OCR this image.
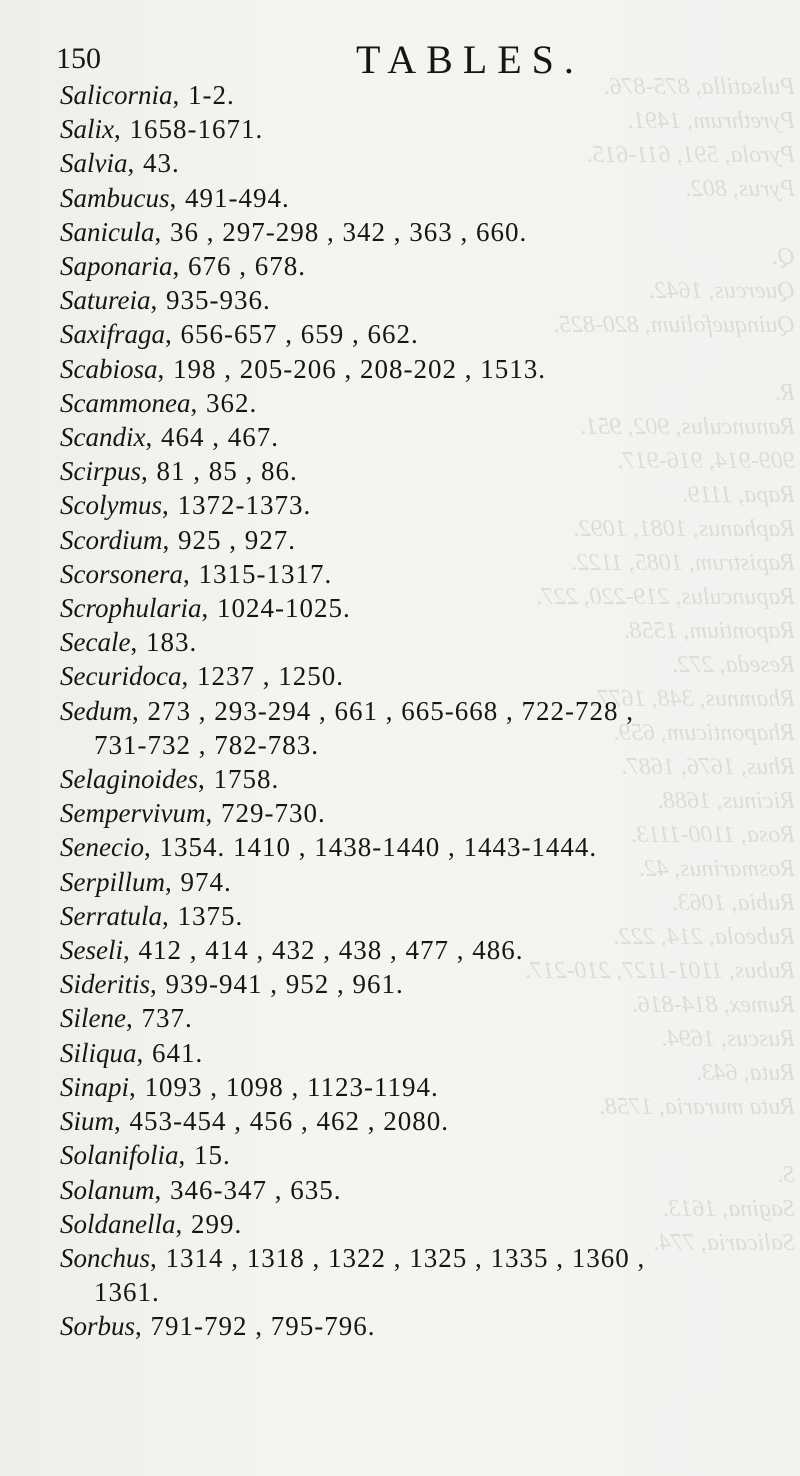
Pulsatilla, 875-876.
Pyrethrum, 1491.
Pyrola, 591, 611-615.
Pyrus, 802.

Q.
Quercus, 1642.
Quinquefolium, 820-825.

R.
Ranunculus, 902, 951.
909-914, 916-917.
Rapa, 1119.
Raphanus, 1081, 1092.
Rapistrum, 1085, 1122.
Rapunculus, 219-220, 227.
Rapontium, 1558.
Reseda, 272.
Rhamnus, 348, 1677.
Rhaponticum, 659.
Rhus, 1676, 1687.
Ricinus, 1688.
Rosa, 1100-1113.
Rosmarinus, 42.
Rubia, 1063.
Rubeola, 214, 222.
Rubus, 1101-1127, 210-217.
Rumex, 814-816.
Ruscus, 1694.
Ruta, 643.
Ruta muraria, 1758.

S.
Sagina, 1613.
Salicaria, 774.
150	TABLES.
Salicornia, 1-2.
Salix, 1658-1671.
Salvia, 43.
Sambucus, 491-494.
Sanicula, 36 , 297-298 , 342 , 363 , 660.
Saponaria, 676 , 678.
Satureia, 935-936.
Saxifraga, 656-657 , 659 , 662.
Scabiosa, 198 , 205-206 , 208-202 , 1513.
Scammonea, 362.
Scandix, 464 , 467.
Scirpus, 81 , 85 , 86.
Scolymus, 1372-1373.
Scordium, 925 , 927.
Scorsonera, 1315-1317.
Scrophularia, 1024-1025.
Secale, 183.
Securidoca, 1237 , 1250.
Sedum, 273 , 293-294 , 661 , 665-668 , 722-728 ,
731-732 , 782-783.
Selaginoides, 1758.
Sempervivum, 729-730.
Senecio, 1354. 1410 , 1438-1440 , 1443-1444.
Serpillum, 974.
Serratula, 1375.
Seseli, 412 , 414 , 432 , 438 , 477 , 486.
Sideritis, 939-941 , 952 , 961.
Silene, 737.
Siliqua, 641.
Sinapi, 1093 , 1098 , 1123-1194.
Sium, 453-454 , 456 , 462 , 2080.
Solanifolia, 15.
Solanum, 346-347 , 635.
Soldanella, 299.
Sonchus, 1314 , 1318 , 1322 , 1325 , 1335 , 1360 ,
1361.
Sorbus, 791-792 , 795-796.
